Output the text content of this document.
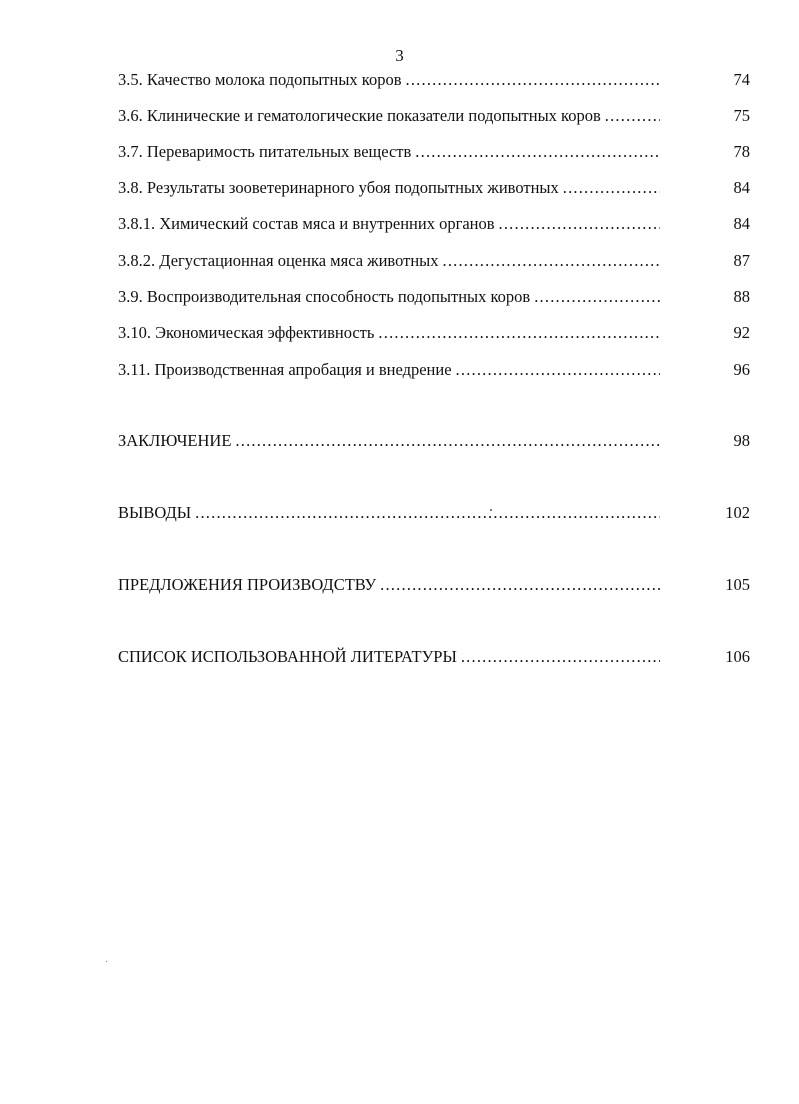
3
3.5. Качество молока подопытных коров .....	74
3.6. Клинические и гематологические показатели подопытных коров .....	75
3.7. Переваримость питательных веществ .....	78
3.8. Результаты зооветеринарного убоя подопытных животных .....	84
3.8.1. Химический состав мяса и внутренних органов .....	84
3.8.2. Дегустационная оценка мяса животных .....	87
3.9. Воспроизводительная способность подопытных коров .....	88
3.10. Экономическая эффективность .....	92
3.11. Производственная апробация и внедрение .....	96
ЗАКЛЮЧЕНИЕ .....	98
ВЫВОДЫ .....	102
ПРЕДЛОЖЕНИЯ ПРОИЗВОДСТВУ .....	105
СПИСОК ИСПОЛЬЗОВАННОЙ ЛИТЕРАТУРЫ .....	106
